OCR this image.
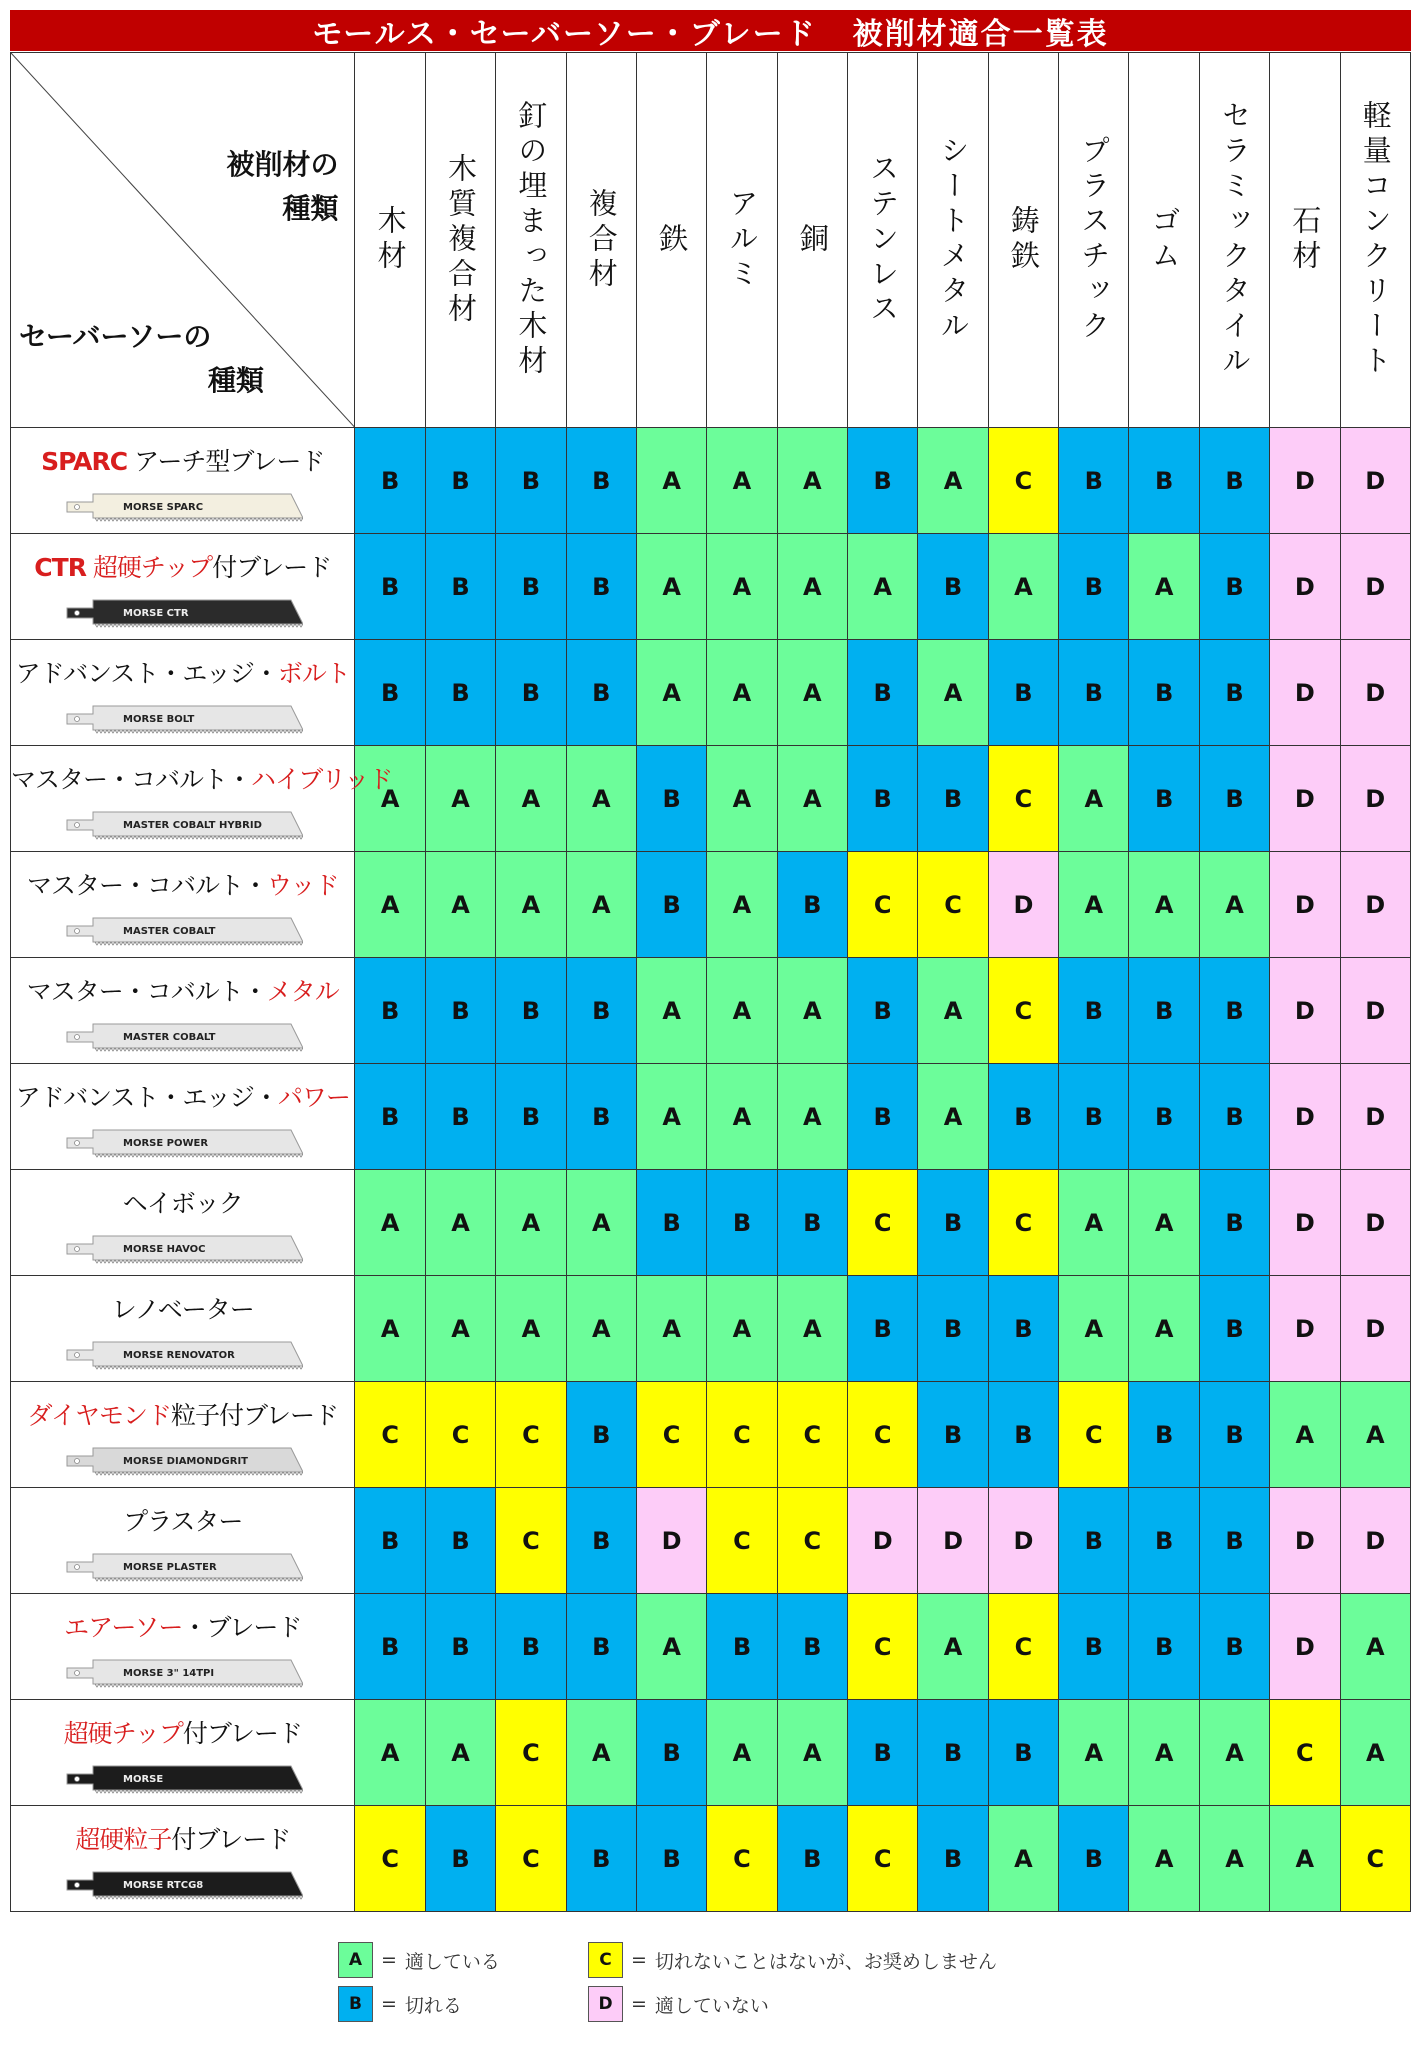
モールス・セーバーソー・ブレード 被削材適合一覧表
被削材の
種類
セーバーソーの
種類	木材	木質複合材	釘の埋まった木材	複合材	鉄	アルミ	銅	ステンレス	シートメタル	鋳鉄	プラスチック	ゴム	セラミックタイル	石材	軽量コンクリート

SPARC アーチ型ブレード
MORSE SPARC	B	B	B	B	A	A	A	B	A	C	B	B	B	D	D

CTR 超硬チップ付ブレード
MORSE CTR	B	B	B	B	A	A	A	A	B	A	B	A	B	D	D

アドバンスト・エッジ・ボルト
MORSE BOLT	B	B	B	B	A	A	A	B	A	B	B	B	B	D	D

マスター・コバルト・ハイブリッド
MASTER COBALT HYBRID	A	A	A	A	B	A	A	B	B	C	A	B	B	D	D

マスター・コバルト・ウッド
MASTER COBALT	A	A	A	A	B	A	B	C	C	D	A	A	A	D	D

マスター・コバルト・メタル
MASTER COBALT	B	B	B	B	A	A	A	B	A	C	B	B	B	D	D

アドバンスト・エッジ・パワー
MORSE POWER	B	B	B	B	A	A	A	B	A	B	B	B	B	D	D

ヘイボック
MORSE HAVOC	A	A	A	A	B	B	B	C	B	C	A	A	B	D	D

レノベーター
MORSE RENOVATOR	A	A	A	A	A	A	A	B	B	B	A	A	B	D	D

ダイヤモンド粒子付ブレード
MORSE DIAMONDGRIT	C	C	C	B	C	C	C	C	B	B	C	B	B	A	A

プラスター
MORSE PLASTER	B	B	C	B	D	C	C	D	D	D	B	B	B	D	D

エアーソー・ブレード
MORSE 3" 14TPI	B	B	B	B	A	B	B	C	A	C	B	B	B	D	A

超硬チップ付ブレード
MORSE	A	A	C	A	B	A	A	B	B	B	A	A	A	C	A

超硬粒子付ブレード
MORSE RTCG8	C	B	C	B	B	C	B	C	B	A	B	A	A	A	C
A = 適している
B	= 切れる
C	= 切れないことはないが、お奨めしません
D = 適していない
